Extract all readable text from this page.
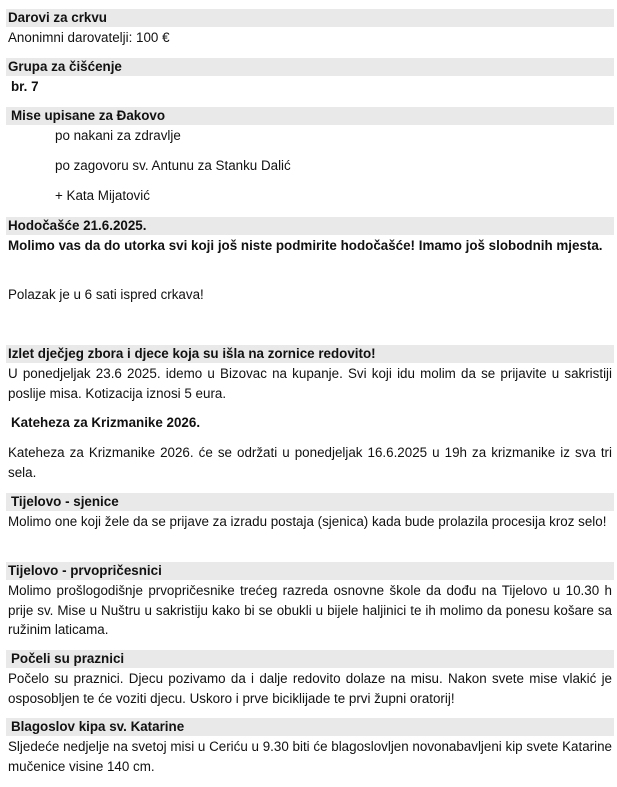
Darovi za crkvu
Anonimni darovatelji: 100 €
Grupa za čišćenje
br. 7
Mise upisane za Đakovo
po nakani za zdravlje
po zagovoru sv. Antunu za Stanku Dalić
+ Kata Mijatović
Hodočašće 21.6.2025.
Molimo vas da do utorka svi koji još niste podmirite hodočašće! Imamo još slobodnih mjesta.
Polazak je u 6 sati ispred crkava!
Izlet dječjeg zbora i djece koja su išla na zornice redovito!
U ponedjeljak 23.6 2025. idemo u Bizovac na kupanje. Svi koji idu molim da se prijavite u sakristiji poslije misa. Kotizacija iznosi 5 eura.
Kateheza za Krizmanike 2026.
Kateheza za Krizmanike 2026. će se održati u ponedjeljak 16.6.2025 u 19h za krizmanike iz sva tri sela.
Tijelovo - sjenice
Molimo one koji žele da se prijave za izradu postaja (sjenica) kada bude prolazila procesija kroz selo!
Tijelovo - prvopričesnici
Molimo prošlogodišnje prvopričesnike trećeg razreda osnovne škole da dođu na Tijelovo u 10.30 h prije sv. Mise u Nuštru u sakristiju kako bi se obukli u bijele haljinici te ih molimo da ponesu košare sa ružinim laticama.
Počeli su praznici
Počelo su praznici. Djecu pozivamo da i dalje redovito dolaze na misu. Nakon svete mise vlakić je osposobljen te će voziti djecu. Uskoro i prve biciklijade te prvi župni oratorij!
Blagoslov kipa sv. Katarine
Sljedeće nedjelje na svetoj misi u Ceriću u 9.30 biti će blagoslovljen novonabavljeni kip svete Katarine mučenice visine 140 cm.
